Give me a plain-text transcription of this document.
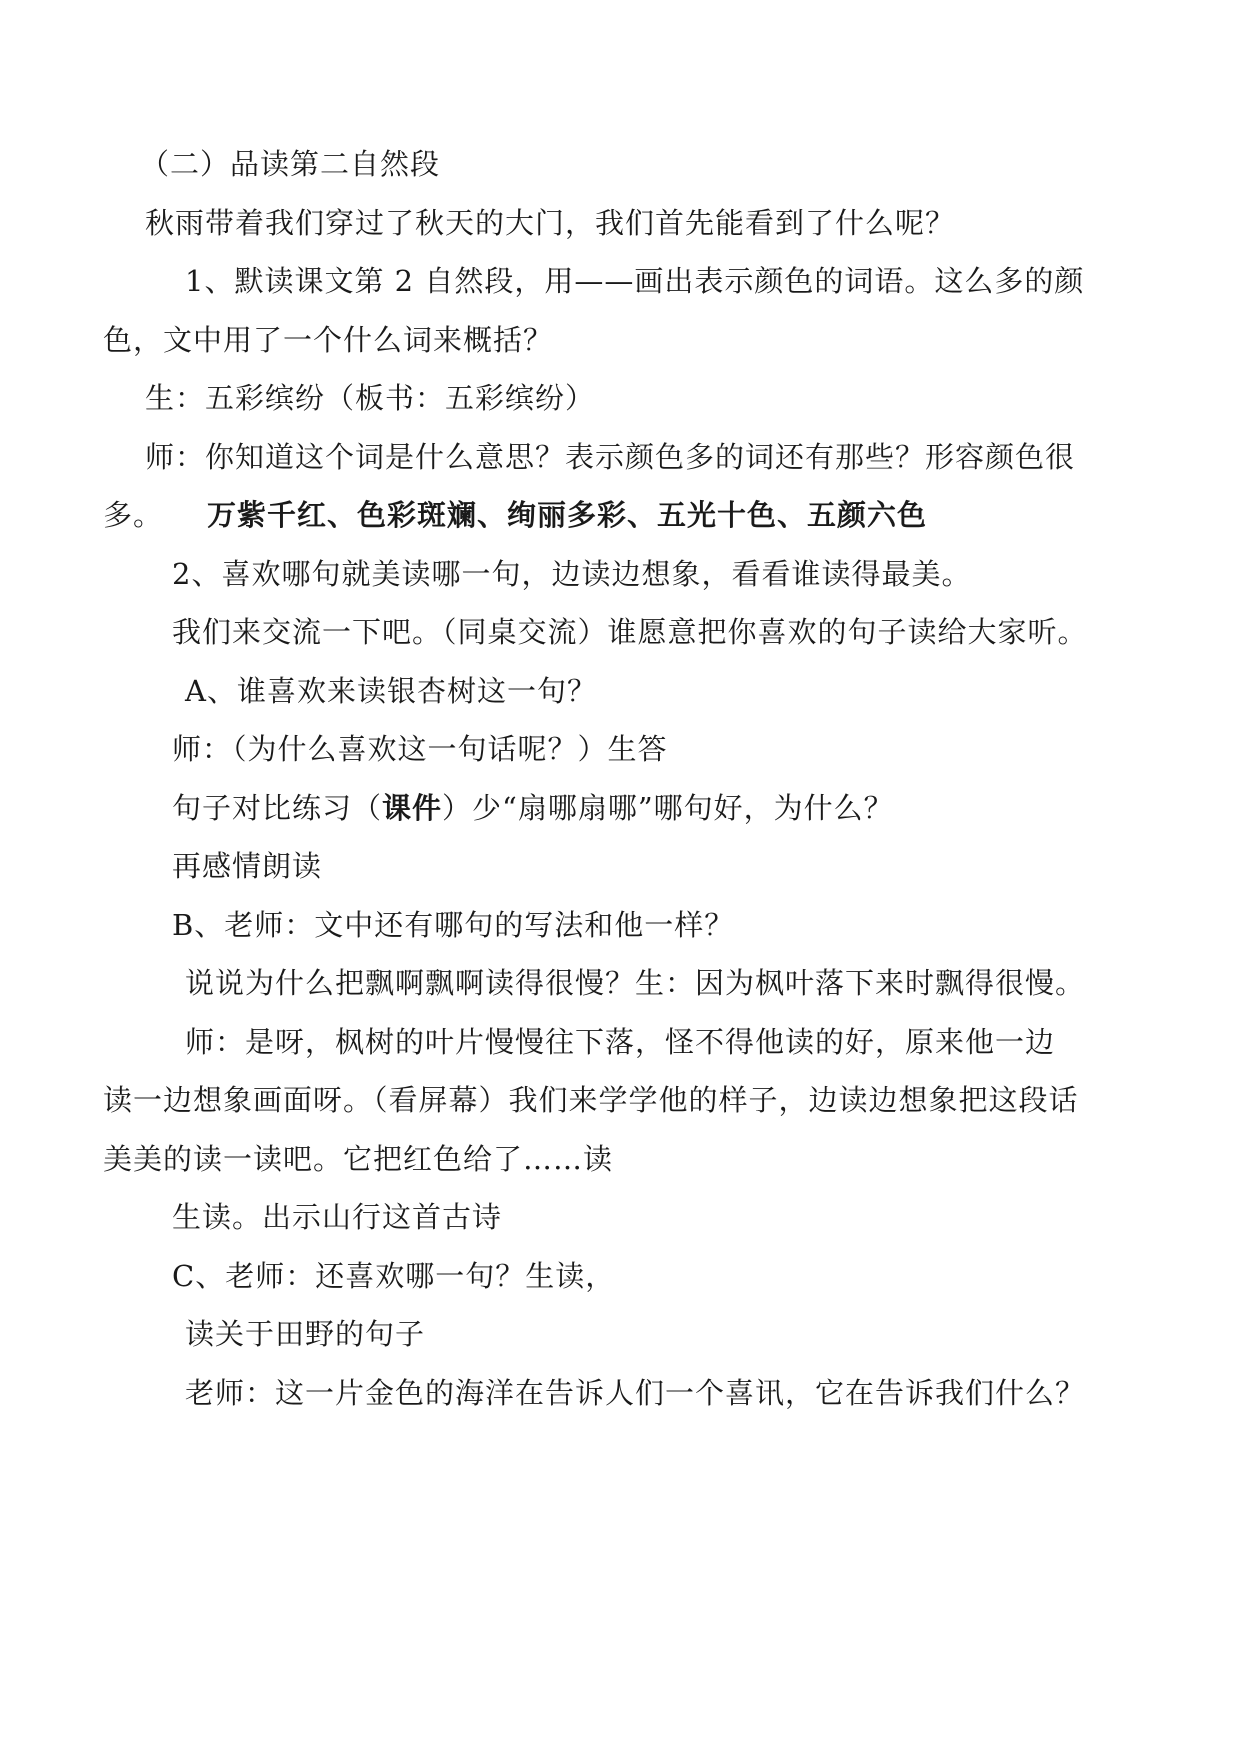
（二）品读第二自然段
秋雨带着我们穿过了秋天的大门，我们首先能看到了什么呢？
1、默读课文第 2 自然段，用——画出表示颜色的词语。这么多的颜
色，文中用了一个什么词来概括？
生：五彩缤纷（板书：五彩缤纷）
师：你知道这个词是什么意思？表示颜色多的词还有那些？形容颜色很
多。 万紫千红、色彩斑斓、绚丽多彩、五光十色、五颜六色
2、喜欢哪句就美读哪一句，边读边想象，看看谁读得最美。
我们来交流一下吧。（同桌交流）谁愿意把你喜欢的句子读给大家听。
A、谁喜欢来读银杏树这一句？
师：（为什么喜欢这一句话呢？）生答
句子对比练习（课件）少“扇哪扇哪”哪句好，为什么？
再感情朗读
B、老师：文中还有哪句的写法和他一样？
说说为什么把飘啊飘啊读得很慢？生：因为枫叶落下来时飘得很慢。
师：是呀，枫树的叶片慢慢往下落，怪不得他读的好，原来他一边
读一边想象画面呀。（看屏幕）我们来学学他的样子，边读边想象把这段话
美美的读一读吧。它把红色给了……读
生读。出示山行这首古诗
C、老师：还喜欢哪一句？生读，
读关于田野的句子
老师：这一片金色的海洋在告诉人们一个喜讯，它在告诉我们什么？
